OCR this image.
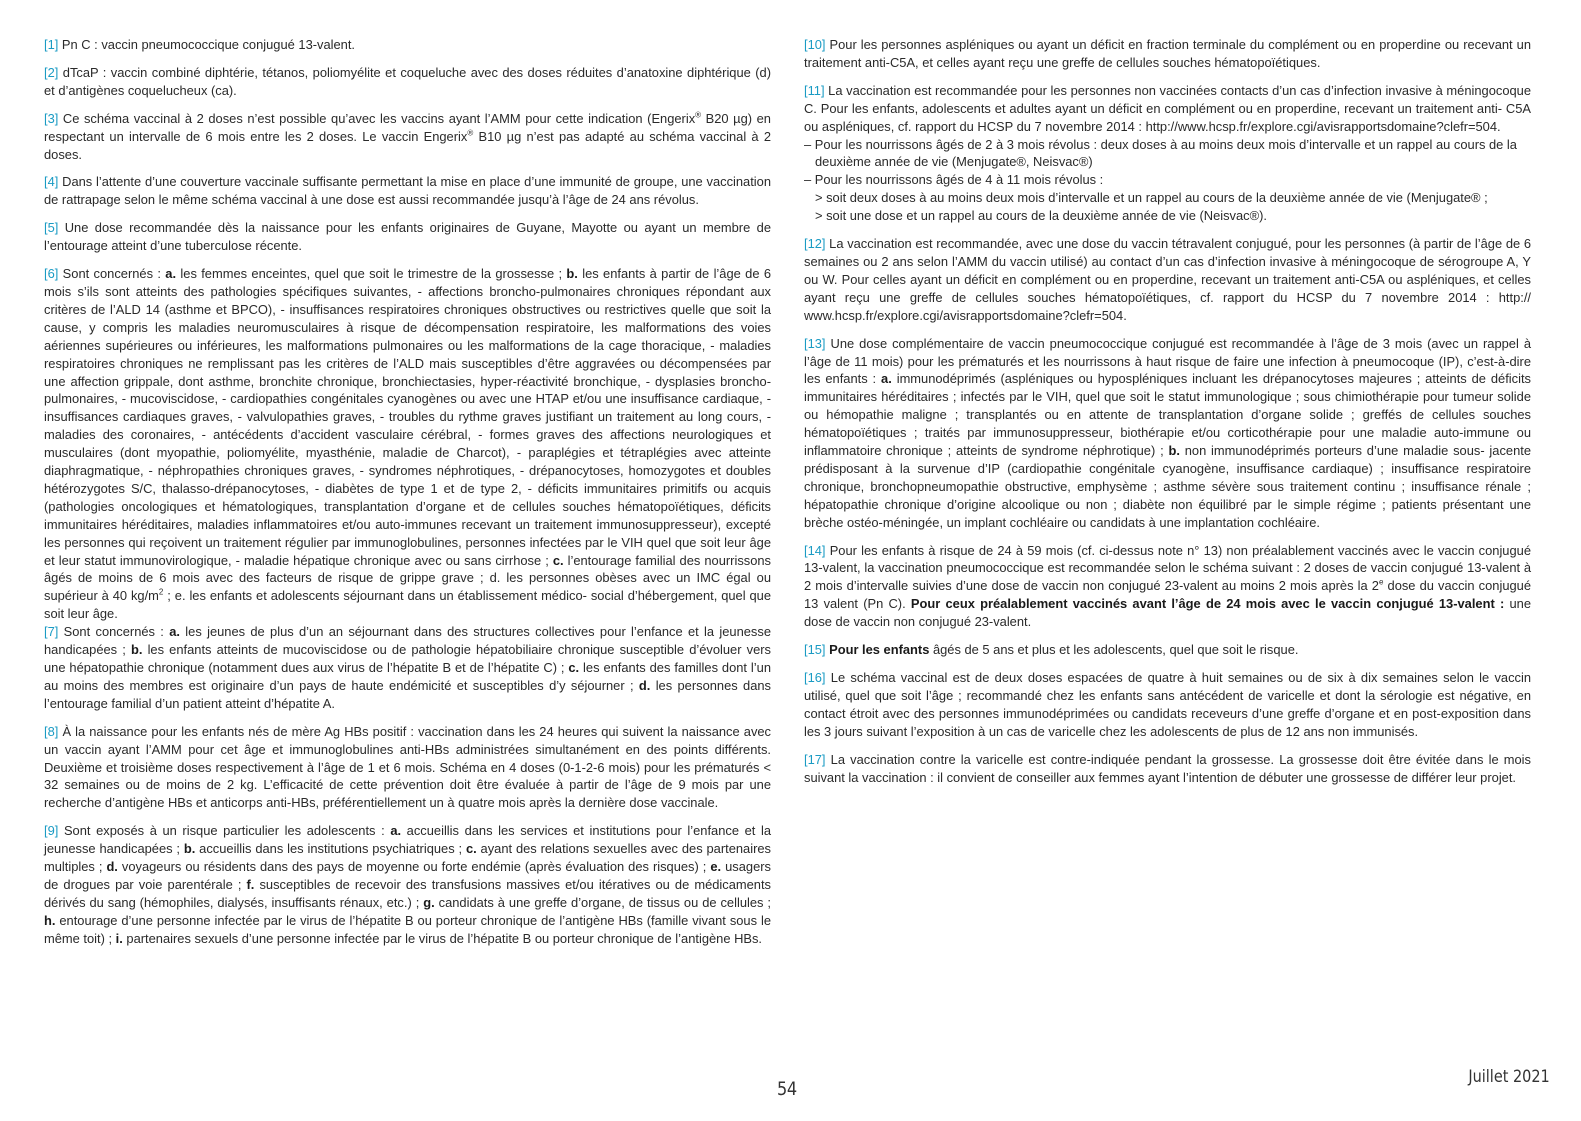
[1] Pn C : vaccin pneumococcique conjugué 13-valent.

[2] dTcaP : vaccin combiné diphtérie, tétanos, poliomyélite et coqueluche avec des doses réduites d’anatoxine diphtérique (d) et d’antigènes coquelucheux (ca).

[3] Ce schéma vaccinal à 2 doses n’est possible qu’avec les vaccins ayant l’AMM pour cette indication (Engerix® B20 µg) en respectant un intervalle de 6 mois entre les 2 doses. Le vaccin Engerix® B10 µg n’est pas adapté au schéma vaccinal à 2 doses.

[4] Dans l’attente d’une couverture vaccinale suffisante permettant la mise en place d’une immunité de groupe, une vaccination de rattrapage selon le même schéma vaccinal à une dose est aussi recommandée jusqu’à l’âge de 24 ans révolus.

[5] Une dose recommandée dès la naissance pour les enfants originaires de Guyane, Mayotte ou ayant un membre de l’entourage atteint d’une tuberculose récente.

[6] Sont concernés : a. les femmes enceintes, quel que soit le trimestre de la grossesse ; b. les enfants à partir de l’âge de 6 mois s’ils sont atteints des pathologies spécifiques suivantes, - affections broncho-pulmonaires chroniques répondant aux critères de l’ALD 14 (asthme et BPCO), - insuffisances respiratoires chroniques obstructives ou restrictives quelle que soit la cause, y compris les maladies neuromusculaires à risque de décompensation respiratoire, les malformations des voies aériennes supérieures ou inférieures, les malformations pulmonaires ou les malformations de la cage thoracique, - maladies respiratoires chroniques ne remplissant pas les critères de l’ALD mais susceptibles d’être aggravées ou décompensées par une affection grippale, dont asthme, bronchite chronique, bronchiectasies, hyper-réactivité bronchique, - dysplasies broncho-pulmonaires, - mucoviscidose, - cardiopathies congénitales cyanogènes ou avec une HTAP et/ou une insuffisance cardiaque, - insuffisances cardiaques graves, - valvulopathies graves, - troubles du rythme graves justifiant un traitement au long cours, - maladies des coronaires, - antécédents d’accident vasculaire cérébral, - formes graves des affections neurologiques et musculaires (dont myopathie, poliomyélite, myasthénie, maladie de Charcot), - paraplégies et tétraplégies avec atteinte diaphragmatique, - néphropathies chroniques graves, - syndromes néphrotiques, - drépanocytoses, homozygotes et doubles hétérozygotes S/C, thalasso-drépanocytoses, - diabètes de type 1 et de type 2, - déficits immunitaires primitifs ou acquis (pathologies oncologiques et hématologiques, transplantation d’organe et de cellules souches hématopoïétiques, déficits immunitaires héréditaires, maladies inflammatoires et/ou auto-immunes recevant un traitement immunosuppresseur), excepté les personnes qui reçoivent un traitement régulier par immunoglobulines, personnes infectées par le VIH quel que soit leur âge et leur statut immunovirologique, - maladie hépatique chronique avec ou sans cirrhose ; c. l’entourage familial des nourrissons âgés de moins de 6 mois avec des facteurs de risque de grippe grave ; d. les personnes obèses avec un IMC égal ou supérieur à 40 $kg/m^2$ ; e. les enfants et adolescents séjournant dans un établissement médico- social d’hébergement, quel que soit leur âge.

[7] Sont concernés : a. les jeunes de plus d’un an séjournant dans des structures collectives pour l’enfance et la jeunesse handicapées ; b. les enfants atteints de mucoviscidose ou de pathologie hépatobiliaire chronique susceptible d’évoluer vers une hépatopathie chronique (notamment dues aux virus de l’hépatite B et de l’hépatite C) ; c. les enfants des familles dont l’un au moins des membres est originaire d’un pays de haute endémicité et susceptibles d’y séjourner ; d. les personnes dans l’entourage familial d’un patient atteint d’hépatite A.

[8] À la naissance pour les enfants nés de mère Ag HBs positif : vaccination dans les 24 heures qui suivent la naissance avec un vaccin ayant l’AMM pour cet âge et immunoglobulines anti-HBs administrées simultanément en des points différents. Deuxième et troisième doses respectivement à l’âge de 1 et 6 mois. Schéma en 4 doses (0-1-2-6 mois) pour les prématurés < 32 semaines ou de moins de 2 kg. L’efficacité de cette prévention doit être évaluée à partir de l’âge de 9 mois par une recherche d’antigène HBs et anticorps anti-HBs, préférentiellement un à quatre mois après la dernière dose vaccinale.

[9] Sont exposés à un risque particulier les adolescents : a. accueillis dans les services et institutions pour l’enfance et la jeunesse handicapées ; b. accueillis dans les institutions psychiatriques ; c. ayant des relations sexuelles avec des partenaires multiples ; d. voyageurs ou résidents dans des pays de moyenne ou forte endémie (après évaluation des risques) ; e. usagers de drogues par voie parentérale ; f. susceptibles de recevoir des transfusions massives et/ou itératives ou de médicaments dérivés du sang (hémophiles, dialysés, insuffisants rénaux, etc.) ; g. candidats à une greffe d’organe, de tissus ou de cellules ; h. entourage d’une personne infectée par le virus de l’hépatite B ou porteur chronique de l’antigène HBs (famille vivant sous le même toit) ; i. partenaires sexuels d’une personne infectée par le virus de l’hépatite B ou porteur chronique de l’antigène HBs.

[10] Pour les personnes aspléniques ou ayant un déficit en fraction terminale du complément ou en properdine ou recevant un traitement anti-C5A, et celles ayant reçu une greffe de cellules souches hématopoïétiques.

[11] La vaccination est recommandée pour les personnes non vaccinées contacts d’un cas d’infection invasive à méningocoque C. Pour les enfants, adolescents et adultes ayant un déficit en complément ou en properdine, recevant un traitement anti- C5A ou aspléniques, cf. rapport du HCSP du 7 novembre 2014 : http://www.hcsp.fr/explore.cgi/avisrapportsdomaine?clefr=504.

– Pour les nourrissons âgés de 2 à 3 mois révolus : deux doses à au moins deux mois d’intervalle et un rappel au cours de la deuxième année de vie (Menjugate®, Neisvac®)

– Pour les nourrissons âgés de 4 à 11 mois révolus :

> soit deux doses à au moins deux mois d’intervalle et un rappel au cours de la deuxième année de vie (Menjugate® ;

> soit une dose et un rappel au cours de la deuxième année de vie (Neisvac®).

[12] La vaccination est recommandée, avec une dose du vaccin tétravalent conjugué, pour les personnes (à partir de l’âge de 6 semaines ou 2 ans selon l’AMM du vaccin utilisé) au contact d’un cas d’infection invasive à méningocoque de sérogroupe A, Y ou W. Pour celles ayant un déficit en complément ou en properdine, recevant un traitement anti-C5A ou aspléniques, et celles ayant reçu une greffe de cellules souches hématopoïétiques, cf. rapport du HCSP du 7 novembre 2014 : http:// www.hcsp.fr/explore.cgi/avisrapportsdomaine?clefr=504.

[13] Une dose complémentaire de vaccin pneumococcique conjugué est recommandée à l’âge de 3 mois (avec un rappel à l’âge de 11 mois) pour les prématurés et les nourrissons à haut risque de faire une infection à pneumocoque (IP), c’est-à-dire les enfants : a. immunodéprimés (aspléniques ou hypospléniques incluant les drépanocytoses majeures ; atteints de déficits immunitaires héréditaires ; infectés par le VIH, quel que soit le statut immunologique ; sous chimiothérapie pour tumeur solide ou hémopathie maligne ; transplantés ou en attente de transplantation d’organe solide ; greffés de cellules souches hématopoïétiques ; traités par immunosuppresseur, biothérapie et/ou corticothérapie pour une maladie auto-immune ou inflammatoire chronique ; atteints de syndrome néphrotique) ; b. non immunodéprimés porteurs d’une maladie sous- jacente prédisposant à la survenue d’IP (cardiopathie congénitale cyanogène, insuffisance cardiaque) ; insuffisance respiratoire chronique, bronchopneumopathie obstructive, emphysème ; asthme sévère sous traitement continu ; insuffisance rénale ; hépatopathie chronique d’origine alcoolique ou non ; diabète non équilibré par le simple régime ; patients présentant une brèche ostéo-méningée, un implant cochléaire ou candidats à une implantation cochléaire.

[14] Pour les enfants à risque de 24 à 59 mois (cf. ci-dessus note n° 13) non préalablement vaccinés avec le vaccin conjugué 13-valent, la vaccination pneumococcique est recommandée selon le schéma suivant : 2 doses de vaccin conjugué 13-valent à 2 mois d’intervalle suivies d’une dose de vaccin non conjugué 23-valent au moins 2 mois après la 2e dose du vaccin conjugué 13 valent (Pn C). Pour ceux préalablement vaccinés avant l’âge de 24 mois avec le vaccin conjugué 13-valent : une dose de vaccin non conjugué 23-valent.

[15] Pour les enfants âgés de 5 ans et plus et les adolescents, quel que soit le risque.

[16] Le schéma vaccinal est de deux doses espacées de quatre à huit semaines ou de six à dix semaines selon le vaccin utilisé, quel que soit l’âge ; recommandé chez les enfants sans antécédent de varicelle et dont la sérologie est négative, en contact étroit avec des personnes immunodéprimées ou candidats receveurs d’une greffe d’organe et en post-exposition dans les 3 jours suivant l’exposition à un cas de varicelle chez les adolescents de plus de 12 ans non immunisés.

[17] La vaccination contre la varicelle est contre-indiquée pendant la grossesse. La grossesse doit être évitée dans le mois suivant la vaccination : il convient de conseiller aux femmes ayant l’intention de débuter une grossesse de différer leur projet.

54
Juillet 2021
